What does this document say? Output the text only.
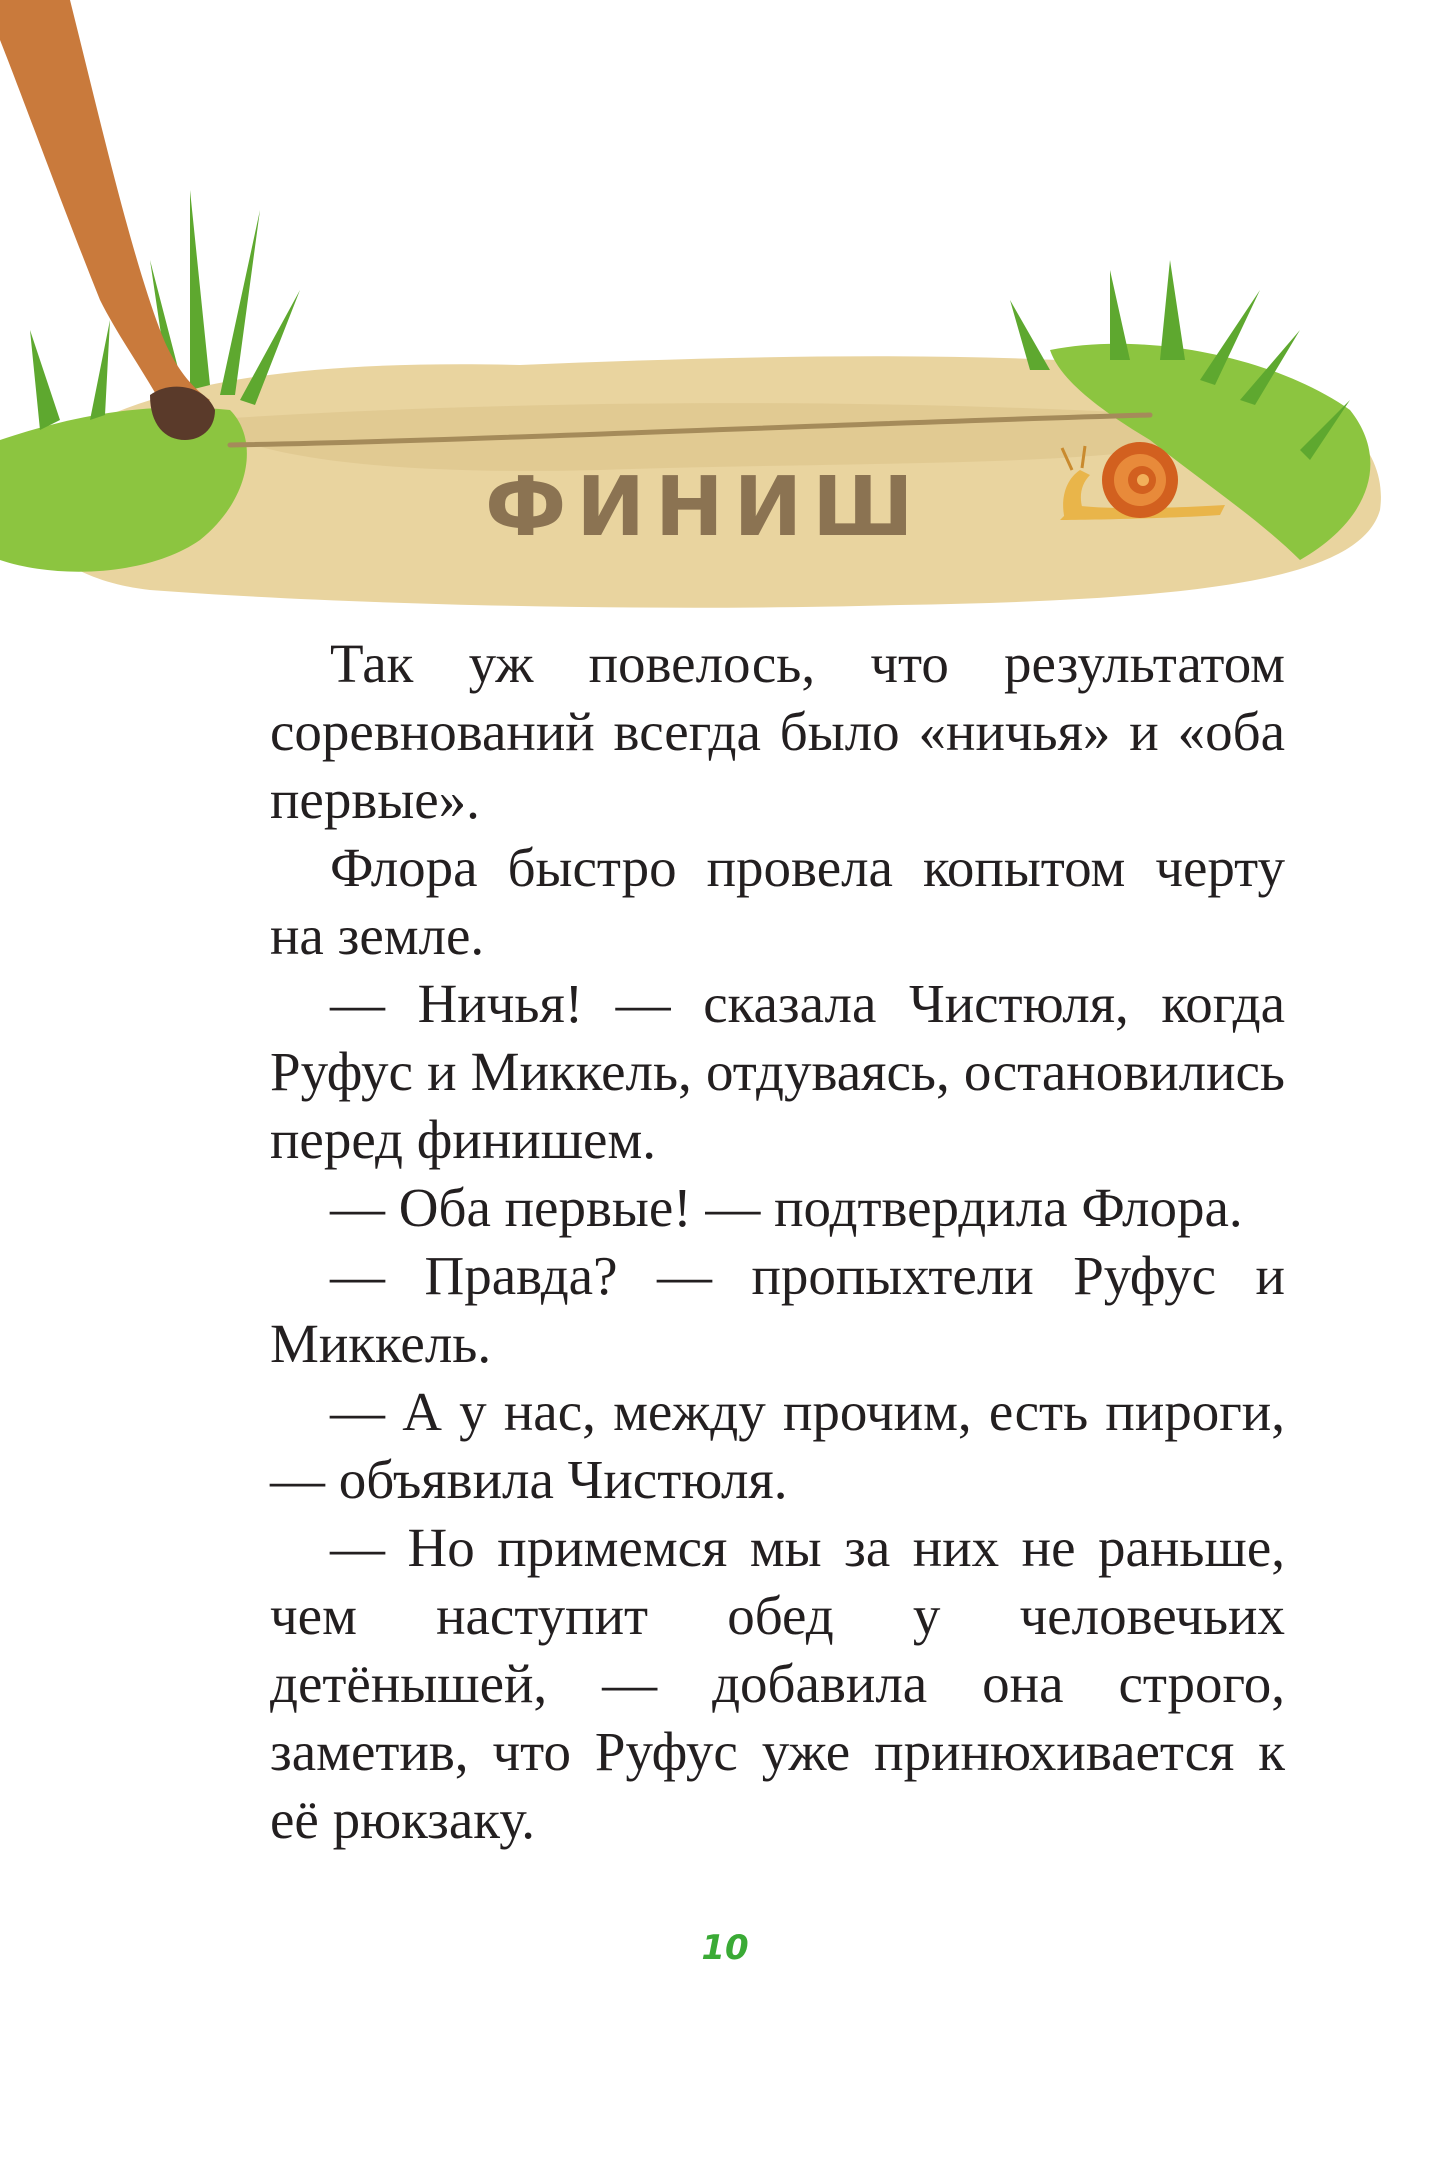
ФИНИШ

Так уж повелось, что результатом соревнований всегда было «ничья» и «оба первые».

Флора быстро провела копытом черту на земле.

— Ничья! — сказала Чистюля, когда Руфус и Миккель, отдуваясь, остановились перед финишем.

— Оба первые! — подтвердила Флора.

— Правда? — пропыхтели Руфус и Миккель.

— А у нас, между прочим, есть пироги, — объявила Чистюля.

— Но примемся мы за них не раньше, чем наступит обед у человечьих детёнышей, — добавила она строго, заметив, что Руфус уже принюхивается к её рюкзаку.

10
